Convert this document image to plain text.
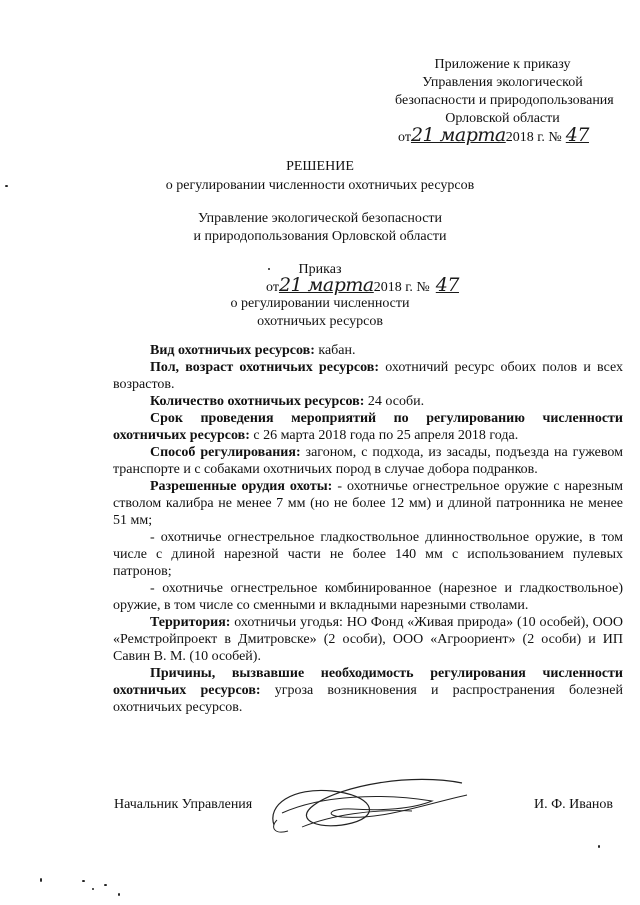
Приложение к приказу
Управления экологической
безопасности и природопользования
Орловской области
от21 марта2018 г. № 47
РЕШЕНИЕ
о регулировании численности охотничьих ресурсов
Управление экологической безопасности
и природопользования Орловской области
Приказ
от21 марта2018 г. № 47
о регулировании численности
охотничьих ресурсов

Вид охотничьих ресурсов: кабан.

Пол, возраст охотничьих ресурсов: охотничий ресурс обоих полов и всех возрастов.

Количество охотничьих ресурсов: 24 особи.

Срок проведения мероприятий по регулированию численности охотничьих ресурсов: с 26 марта 2018 года по 25 апреля 2018 года.

Способ регулирования: загоном, с подхода, из засады, подъезда на гужевом транспорте и с собаками охотничьих пород в случае добора подранков.

Разрешенные орудия охоты: - охотничье огнестрельное оружие с нарезным стволом калибра не менее 7 мм (но не более 12 мм) и длиной патронника не менее 51 мм;

- охотничье огнестрельное гладкоствольное длинноствольное оружие, в том числе с длиной нарезной части не более 140 мм с использованием пулевых патронов;

- охотничье огнестрельное комбинированное (нарезное и гладкоствольное) оружие, в том числе со сменными и вкладными нарезными стволами.

Территория: охотничьи угодья: НО Фонд «Живая природа» (10 особей), ООО «Ремстройпроект в Дмитровске» (2 особи), ООО «Агроориент» (2 особи) и ИП Савин В. М. (10 особей).

Причины, вызвавшие необходимость регулирования численности охотничьих ресурсов: угроза возникновения и распространения болезней охотничьих ресурсов.

Начальник Управления	И. Ф. Иванов
